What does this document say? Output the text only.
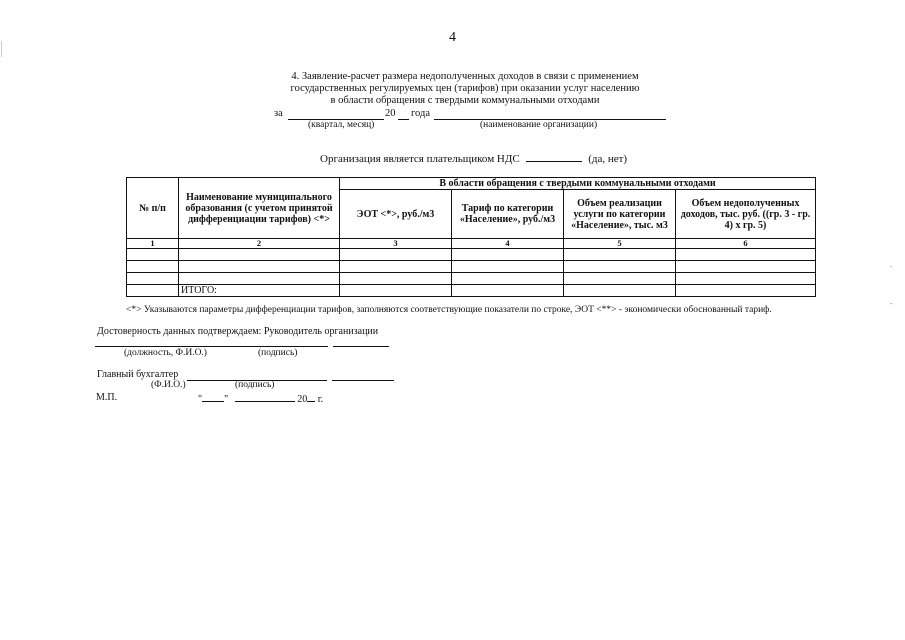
4
4. Заявление-расчет размера недополученных доходов в связи с применением
государственных регулируемых цен (тарифов) при оказании услуг населению
в области обращения с твердыми коммунальными отходами
за	20 года
(квартал, месяц)	(наименование организации)
Организация является плательщиком НДС	(да, нет)
№ п/п	Наименование муниципального образования (с учетом принятой дифференциации тарифов) <*>	В области обращения с твердыми коммунальными отходами			
		ЭОТ <*>, руб./м3	Тариф по категории «Население», руб./м3	Объем реализации услуги по категории «Население», тыс. м3	Объем недополученных доходов, тыс. руб. ((гр. 3 - гр. 4) x гр. 5)
1	2	3	4	5	6

	ИТОГО:				
<*> Указываются параметры дифференциации тарифов, заполняются соответствующие показатели по строке, ЭОТ <**> - экономически обоснованный тариф.
Достоверность данных подтверждаем: Руководитель организации
(должность, Ф.И.О.)	(подпись)
Главный бухгалтер
(Ф.И.О.)	(подпись)
М.П.	" "	20 г.
|
|
-
-
